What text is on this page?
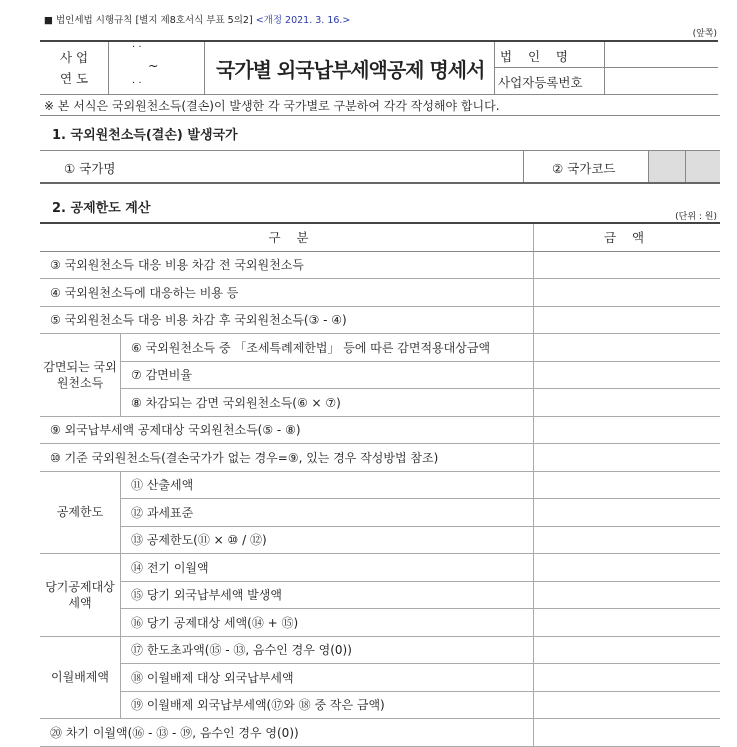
■ 법인세법 시행규칙 [별지 제8호서식 부표 5의2] <개정 2021. 3. 16.>
(앞쪽)
사 업
연 도
· ·
~
· ·
국가별 외국납부세액공제 명세서
법    인    명
사업자등록번호
※ 본 서식은 국외원천소득(결손)이 발생한 각 국가별로 구분하여 각각 작성해야 합니다.
1. 국외원천소득(결손) 발생국가
① 국가명	② 국가코드
2. 공제한도 계산
(단위 : 원)
구 분		금 액
③ 국외원천소득 대응 비용 차감 전 국외원천소득		
④ 국외원천소득에 대응하는 비용 등		
⑤ 국외원천소득 대응 비용 차감 후 국외원천소득(③ - ④)		
감면되는 국외원천소득	⑥ 국외원천소득 중 「조세특례제한법」 등에 따른 감면적용대상금액	
	⑦ 감면비율	
	⑧ 차감되는 감면 국외원천소득(⑥ × ⑦)	
⑨ 외국납부세액 공제대상 국외원천소득(⑤ - ⑧)		
⑩ 기준 국외원천소득(결손국가가 없는 경우=⑨, 있는 경우 작성방법 참조)		
공제한도	⑪ 산출세액	
	⑫ 과세표준	
	⑬ 공제한도(⑪ × ⑩ / ⑫)	
당기공제대상세액	⑭ 전기 이월액	
	⑮ 당기 외국납부세액 발생액	
	⑯ 당기 공제대상 세액(⑭ + ⑮)	
이월배제액	⑰ 한도초과액(⑮ - ⑬, 음수인 경우 영(0))	
	⑱ 이월배제 대상 외국납부세액	
	⑲ 이월배제 외국납부세액(⑰와 ⑱ 중 작은 금액)	
⑳ 차기 이월액(⑯ - ⑬ - ⑲, 음수인 경우 영(0))		
